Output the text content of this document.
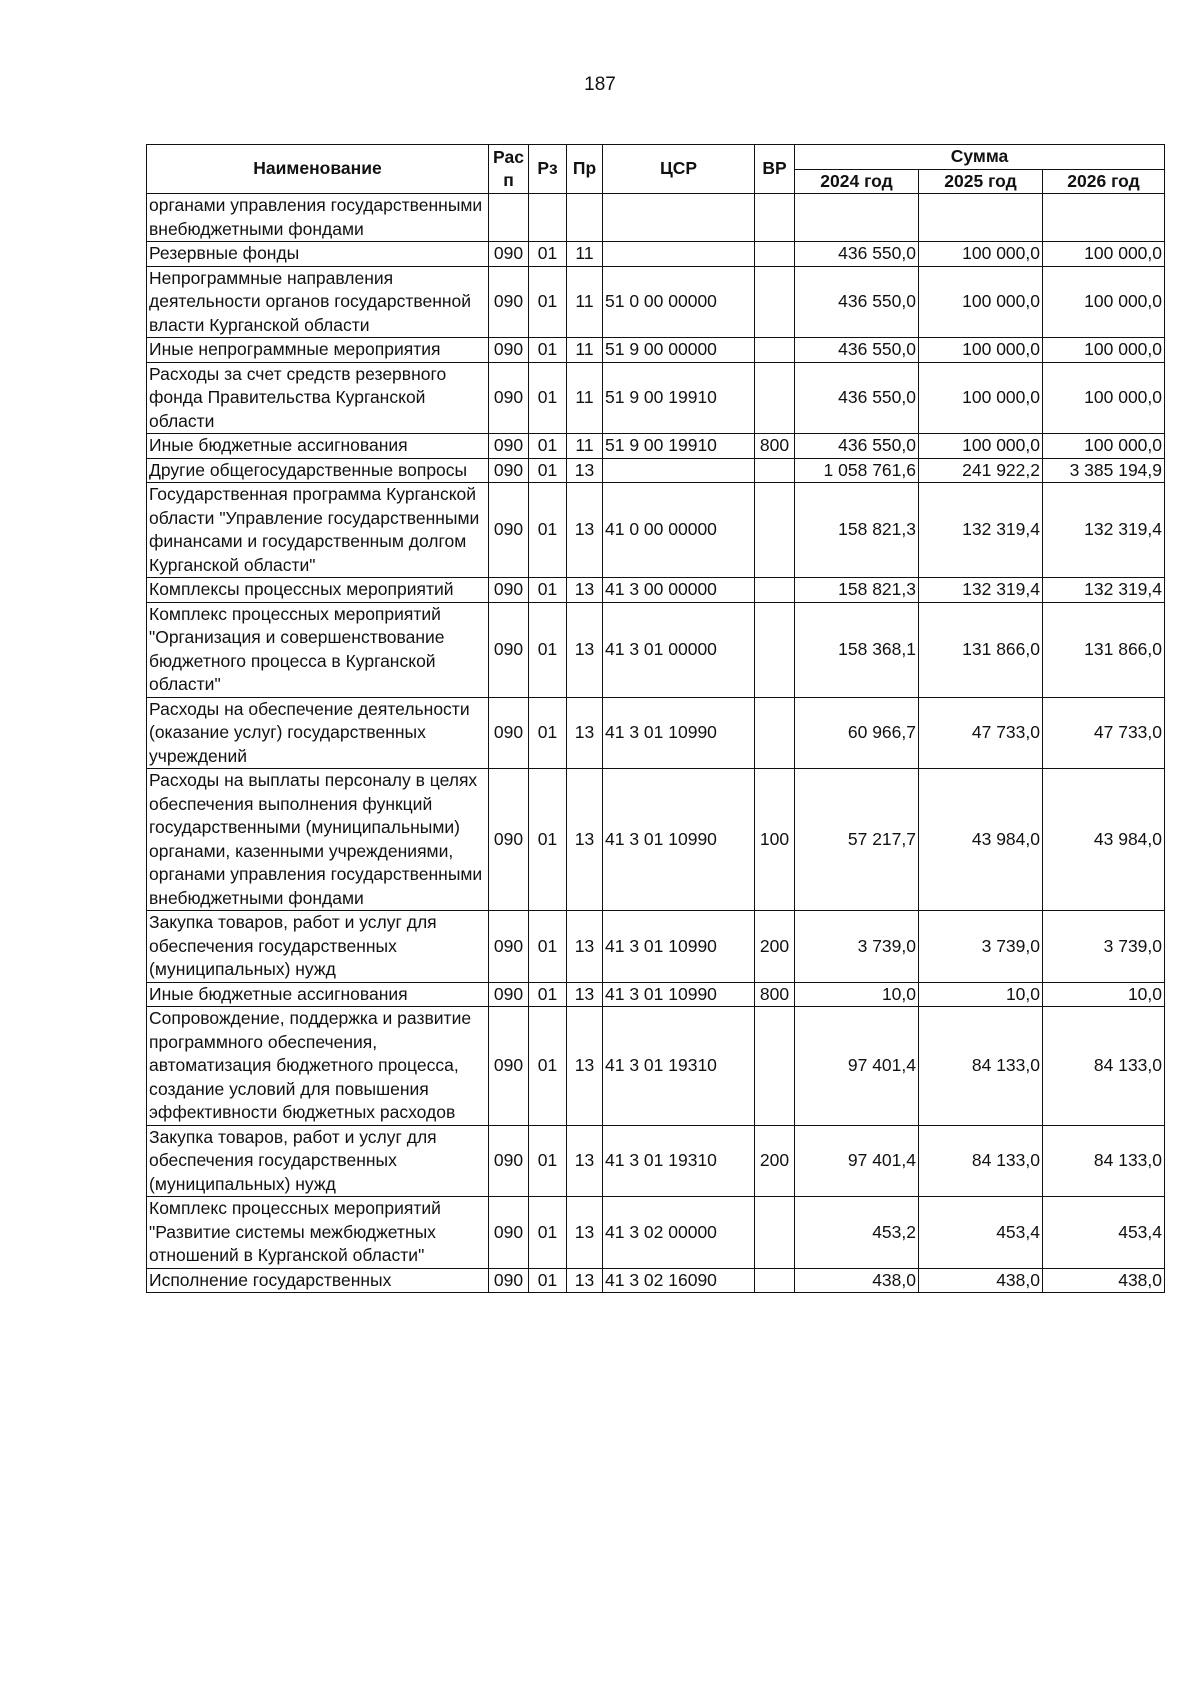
187
Наименование	Рас п	Рз	Пр	ЦСР	ВР	Сумма		
						2024 год	2025 год	2026 год
органами управления государственными внебюджетными фондами								
Резервные фонды	090	01	11			436 550,0	100 000,0	100 000,0
Непрограммные направления деятельности органов государственной власти Курганской области	090	01	11	51 0 00 00000		436 550,0	100 000,0	100 000,0
Иные непрограммные мероприятия	090	01	11	51 9 00 00000		436 550,0	100 000,0	100 000,0
Расходы за счет средств резервного фонда Правительства Курганской области	090	01	11	51 9 00 19910		436 550,0	100 000,0	100 000,0
Иные бюджетные ассигнования	090	01	11	51 9 00 19910	800	436 550,0	100 000,0	100 000,0
Другие общегосударственные вопросы	090	01	13			1 058 761,6	241 922,2	3 385 194,9
Государственная программа Курганской области "Управление государственными финансами и государственным долгом Курганской области"	090	01	13	41 0 00 00000		158 821,3	132 319,4	132 319,4
Комплексы процессных мероприятий	090	01	13	41 3 00 00000		158 821,3	132 319,4	132 319,4
Комплекс процессных мероприятий "Организация и совершенствование бюджетного процесса в Курганской области"	090	01	13	41 3 01 00000		158 368,1	131 866,0	131 866,0
Расходы на обеспечение деятельности (оказание услуг) государственных учреждений	090	01	13	41 3 01 10990		60 966,7	47 733,0	47 733,0
Расходы на выплаты персоналу в целях обеспечения выполнения функций государственными (муниципальными) органами, казенными учреждениями, органами управления государственными внебюджетными фондами	090	01	13	41 3 01 10990	100	57 217,7	43 984,0	43 984,0
Закупка товаров, работ и услуг для обеспечения государственных (муниципальных) нужд	090	01	13	41 3 01 10990	200	3 739,0	3 739,0	3 739,0
Иные бюджетные ассигнования	090	01	13	41 3 01 10990	800	10,0	10,0	10,0
Сопровождение, поддержка и развитие программного обеспечения, автоматизация бюджетного процесса, создание условий для повышения эффективности бюджетных расходов	090	01	13	41 3 01 19310		97 401,4	84 133,0	84 133,0
Закупка товаров, работ и услуг для обеспечения государственных (муниципальных) нужд	090	01	13	41 3 01 19310	200	97 401,4	84 133,0	84 133,0
Комплекс процессных мероприятий "Развитие системы межбюджетных отношений в Курганской области"	090	01	13	41 3 02 00000		453,2	453,4	453,4
Исполнение государственных	090	01	13	41 3 02 16090		438,0	438,0	438,0
